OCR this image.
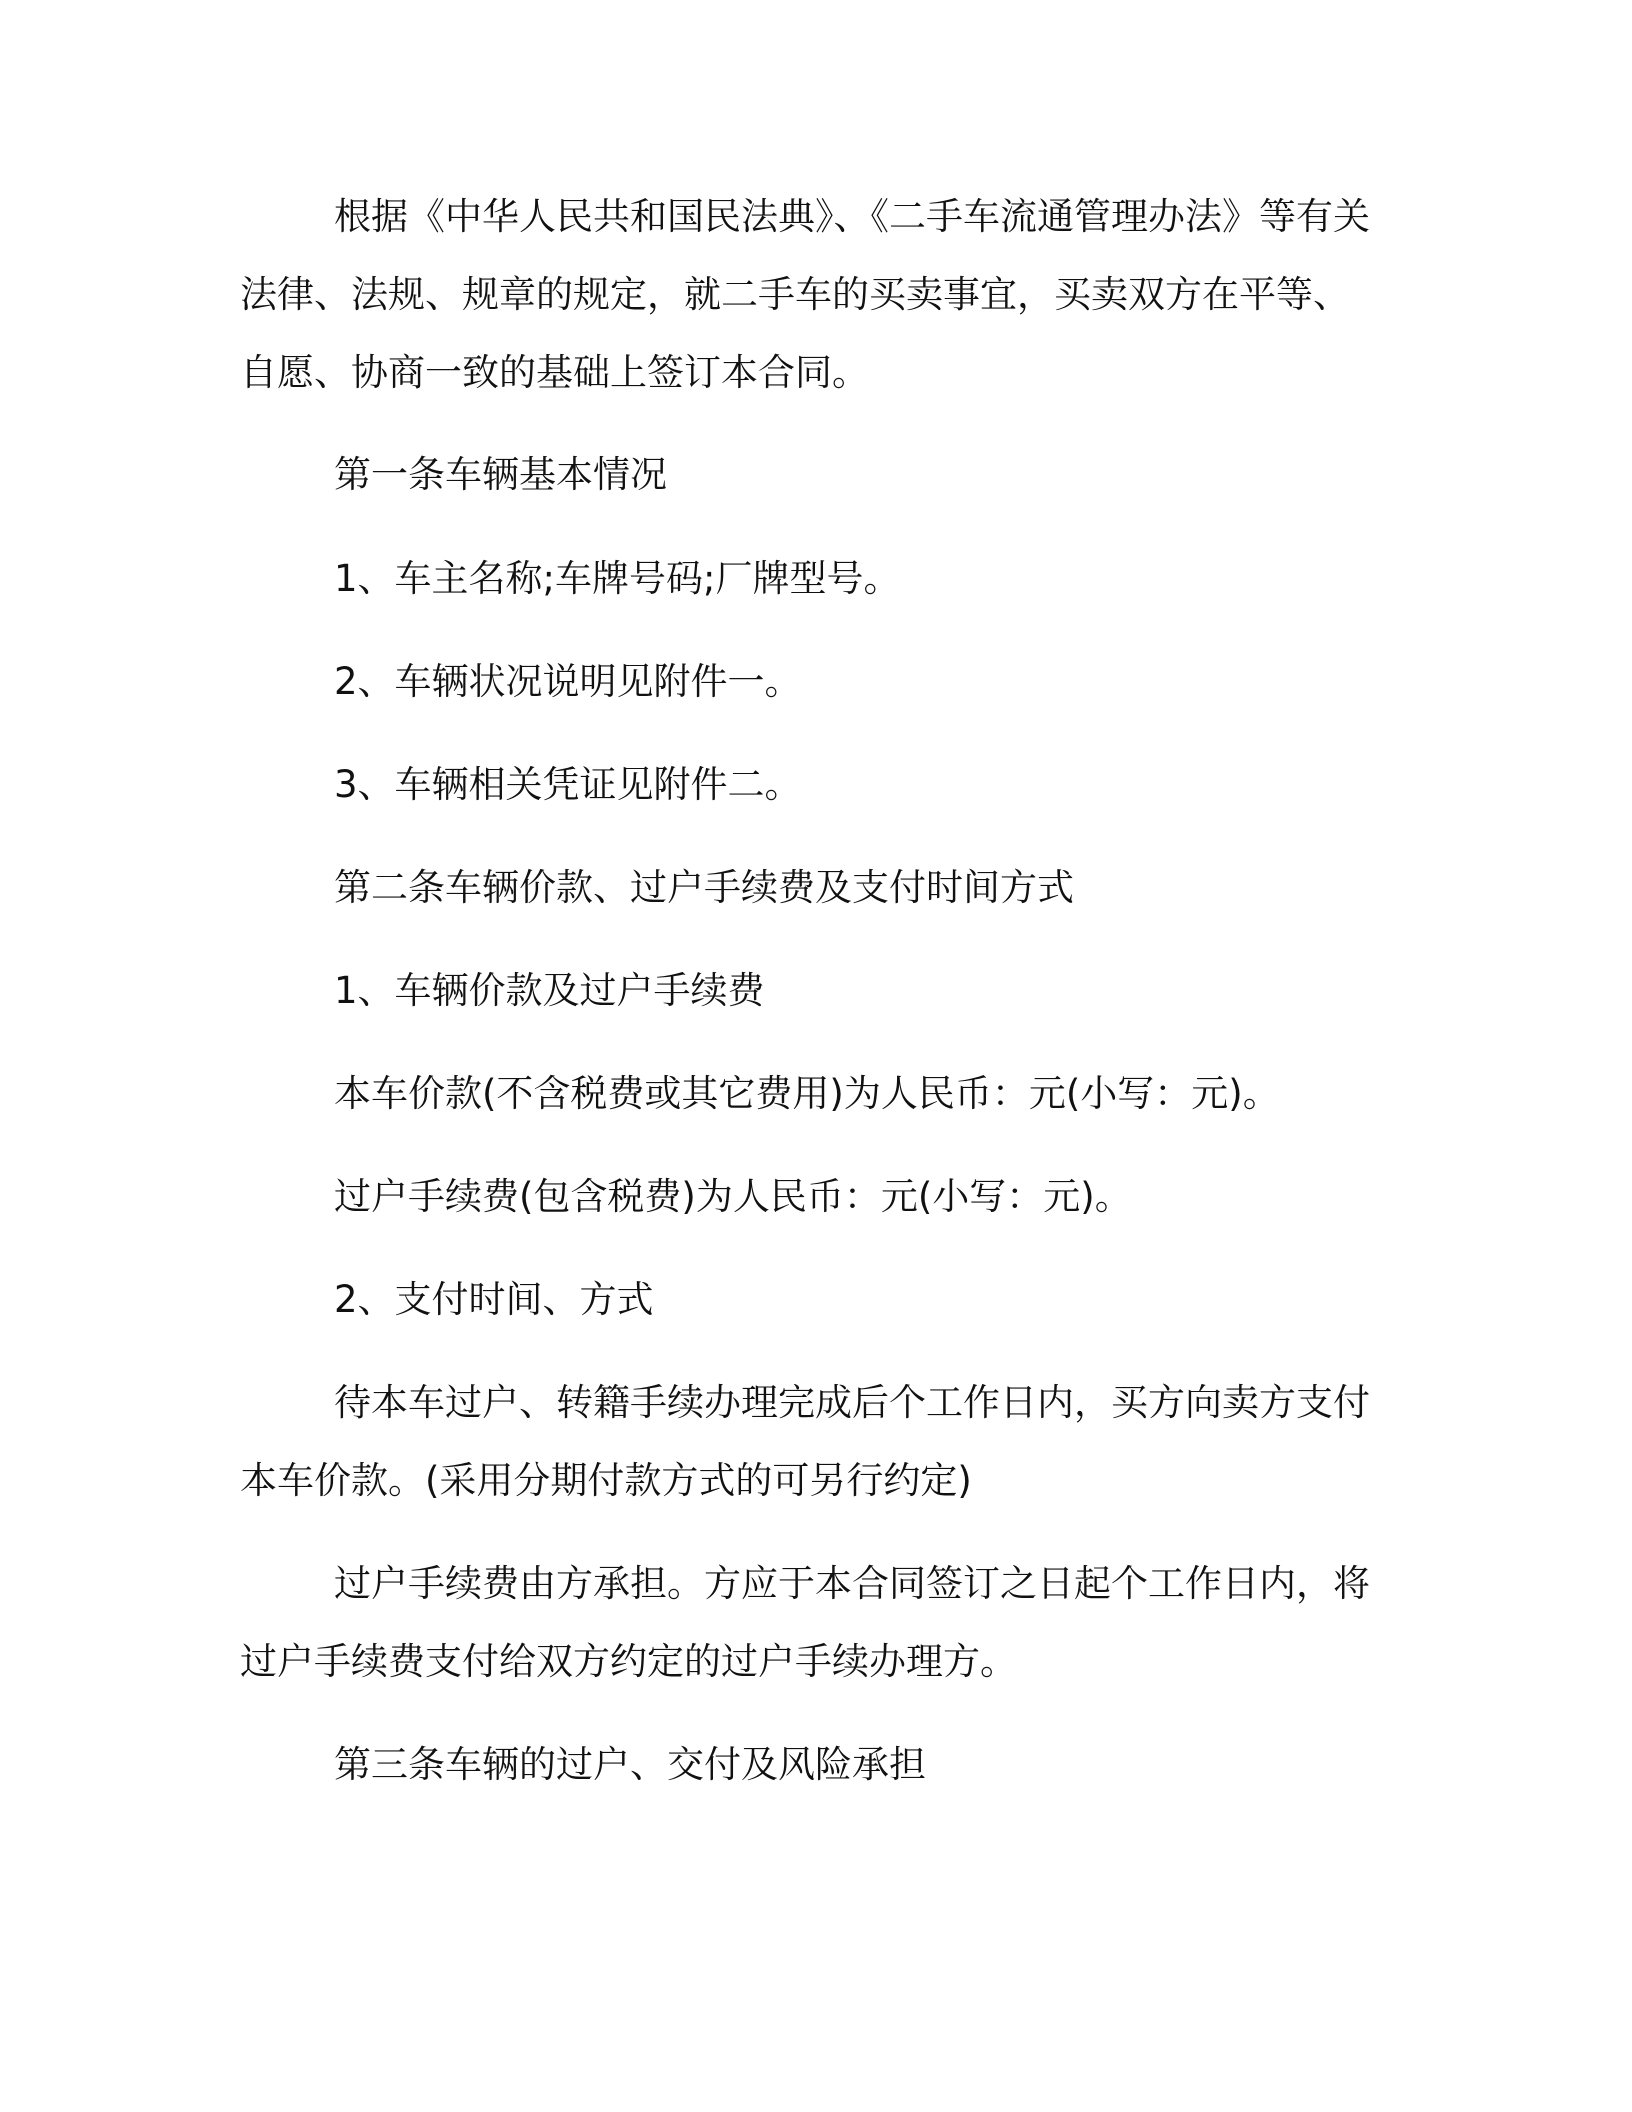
根据《中华人民共和国民法典》、《二手车流通管理办法》等有关法律、法规、规章的规定，就二手车的买卖事宜，买卖双方在平等、自愿、协商一致的基础上签订本合同。

第一条车辆基本情况

1、车主名称;车牌号码;厂牌型号。

2、车辆状况说明见附件一。

3、车辆相关凭证见附件二。

第二条车辆价款、过户手续费及支付时间方式

1、车辆价款及过户手续费

本车价款(不含税费或其它费用)为人民币：元(小写：元)。

过户手续费(包含税费)为人民币：元(小写：元)。

2、支付时间、方式

待本车过户、转籍手续办理完成后个工作日内，买方向卖方支付本车价款。(采用分期付款方式的可另行约定)

过户手续费由方承担。方应于本合同签订之日起个工作日内，将过户手续费支付给双方约定的过户手续办理方。

第三条车辆的过户、交付及风险承担
